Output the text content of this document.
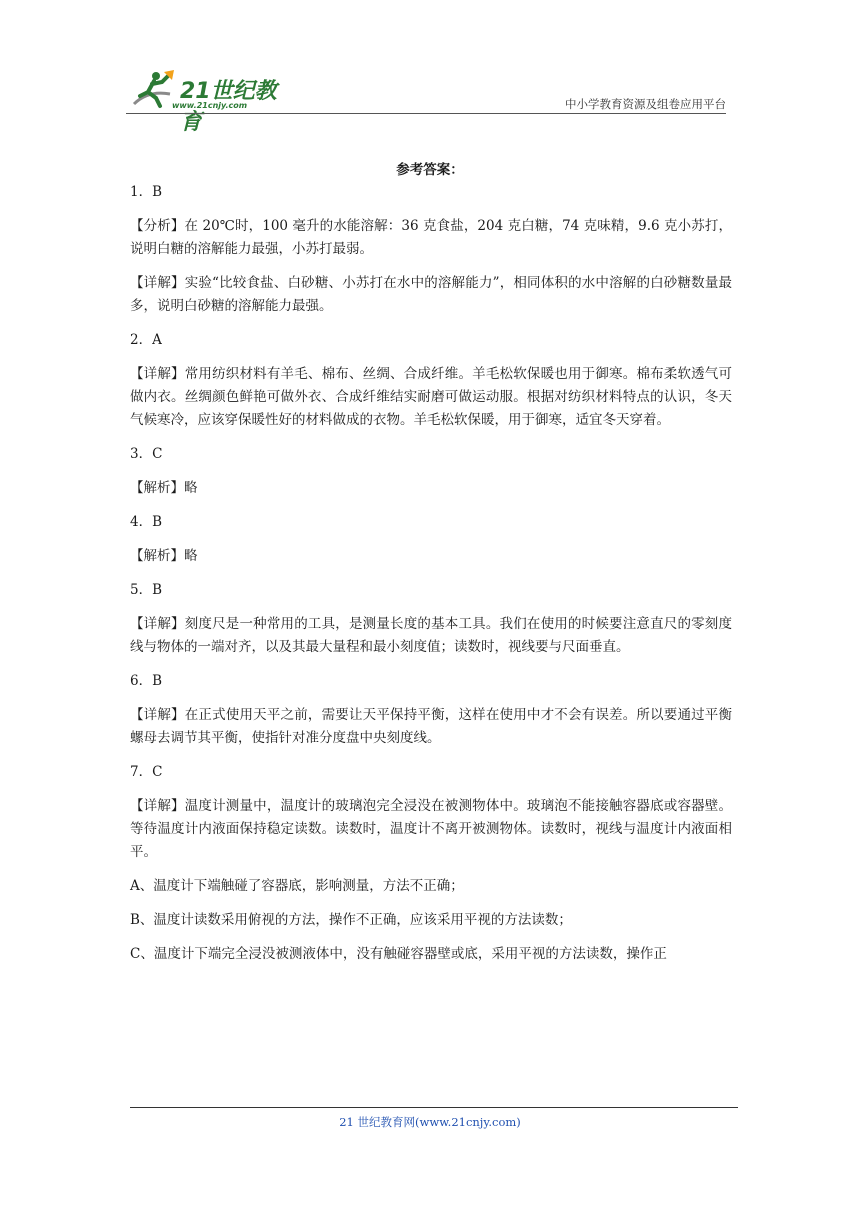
21世纪教育
www.21cnjy.com	中小学教育资源及组卷应用平台
参考答案：

1．B

【分析】在 20℃时，100 毫升的水能溶解：36 克食盐，204 克白糖，74 克味精，9.6 克小苏打，说明白糖的溶解能力最强，小苏打最弱。

【详解】实验“比较食盐、白砂糖、小苏打在水中的溶解能力”，相同体积的水中溶解的白砂糖数量最多，说明白砂糖的溶解能力最强。

2．A

【详解】常用纺织材料有羊毛、棉布、丝绸、合成纤维。羊毛松软保暖也用于御寒。棉布柔软透气可做内衣。丝绸颜色鲜艳可做外衣、合成纤维结实耐磨可做运动服。根据对纺织材料特点的认识，冬天气候寒冷，应该穿保暖性好的材料做成的衣物。羊毛松软保暖，用于御寒，适宜冬天穿着。

3．C

【解析】略

4．B

【解析】略

5．B

【详解】刻度尺是一种常用的工具，是测量长度的基本工具。我们在使用的时候要注意直尺的零刻度线与物体的一端对齐，以及其最大量程和最小刻度值；读数时，视线要与尺面垂直。

6．B

【详解】在正式使用天平之前，需要让天平保持平衡，这样在使用中才不会有误差。所以要通过平衡螺母去调节其平衡，使指针对准分度盘中央刻度线。

7．C

【详解】温度计测量中，温度计的玻璃泡完全浸没在被测物体中。玻璃泡不能接触容器底或容器壁。等待温度计内液面保持稳定读数。读数时，温度计不离开被测物体。读数时，视线与温度计内液面相平。

A、温度计下端触碰了容器底，影响测量，方法不正确；

B、温度计读数采用俯视的方法，操作不正确，应该采用平视的方法读数；

C、温度计下端完全浸没被测液体中，没有触碰容器壁或底，采用平视的方法读数，操作正

21 世纪教育网(www.21cnjy.com)
